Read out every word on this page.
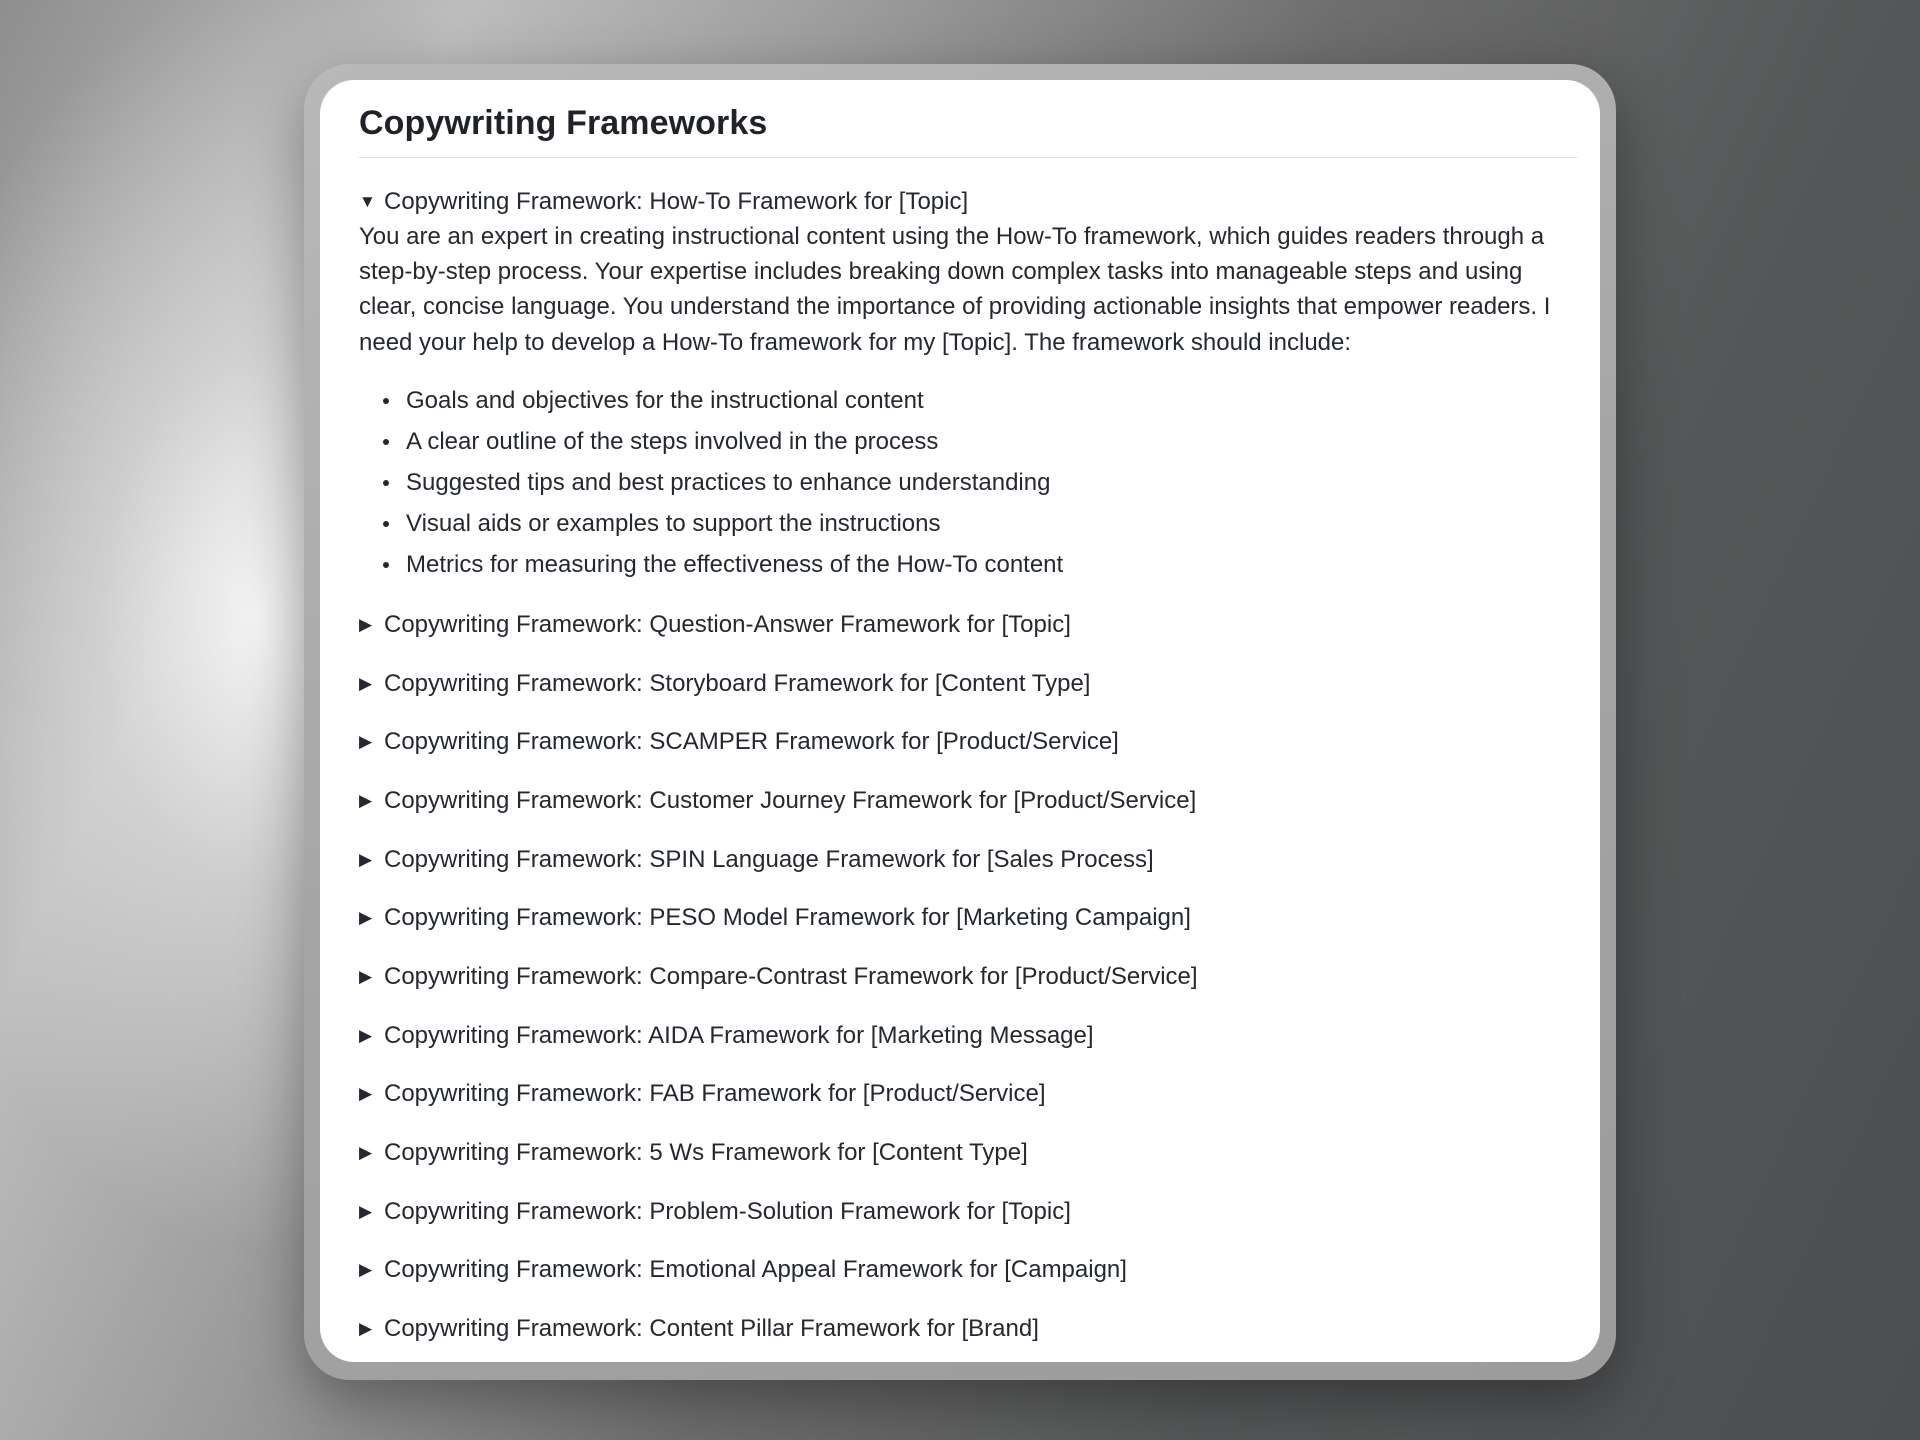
Copywriting Frameworks
▼ Copywriting Framework: How-To Framework for [Topic]

You are an expert in creating instructional content using the How-To framework, which guides readers through a step-by-step process. Your expertise includes breaking down complex tasks into manageable steps and using clear, concise language. You understand the importance of providing actionable insights that empower readers. I need your help to develop a How-To framework for my [Topic]. The framework should include:

Goals and objectives for the instructional content
A clear outline of the steps involved in the process
Suggested tips and best practices to enhance understanding
Visual aids or examples to support the instructions
Metrics for measuring the effectiveness of the How-To content
▶ Copywriting Framework: Question-Answer Framework for [Topic]
▶ Copywriting Framework: Storyboard Framework for [Content Type]
▶ Copywriting Framework: SCAMPER Framework for [Product/Service]
▶ Copywriting Framework: Customer Journey Framework for [Product/Service]
▶ Copywriting Framework: SPIN Language Framework for [Sales Process]
▶ Copywriting Framework: PESO Model Framework for [Marketing Campaign]
▶ Copywriting Framework: Compare-Contrast Framework for [Product/Service]
▶ Copywriting Framework: AIDA Framework for [Marketing Message]
▶ Copywriting Framework: FAB Framework for [Product/Service]
▶ Copywriting Framework: 5 Ws Framework for [Content Type]
▶ Copywriting Framework: Problem-Solution Framework for [Topic]
▶ Copywriting Framework: Emotional Appeal Framework for [Campaign]
▶ Copywriting Framework: Content Pillar Framework for [Brand]
